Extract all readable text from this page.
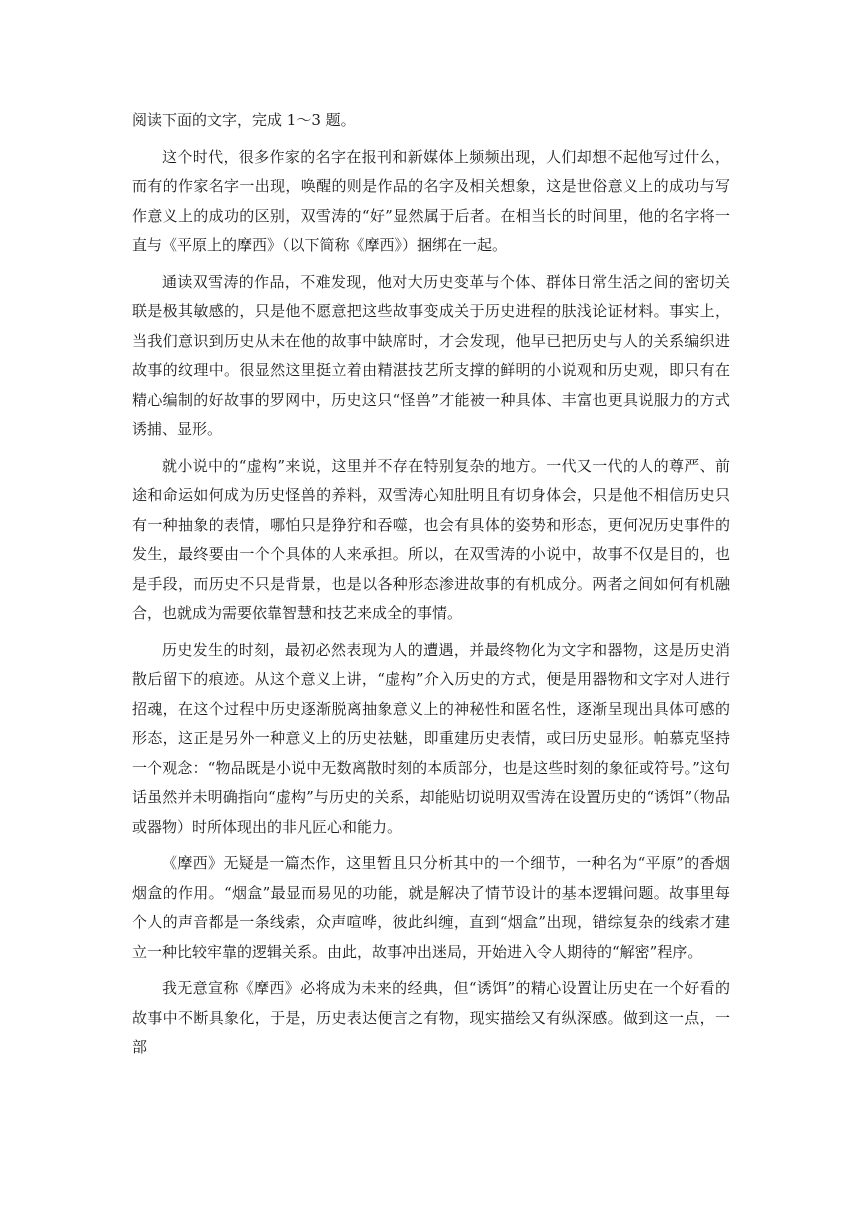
阅读下面的文字，完成 1～3 题。

这个时代，很多作家的名字在报刊和新媒体上频频出现，人们却想不起他写过什么，而有的作家名字一出现，唤醒的则是作品的名字及相关想象，这是世俗意义上的成功与写作意义上的成功的区别，双雪涛的“好”显然属于后者。在相当长的时间里，他的名字将一直与《平原上的摩西》（以下简称《摩西》）捆绑在一起。

通读双雪涛的作品，不难发现，他对大历史变革与个体、群体日常生活之间的密切关联是极其敏感的，只是他不愿意把这些故事变成关于历史进程的肤浅论证材料。事实上，当我们意识到历史从未在他的故事中缺席时，才会发现，他早已把历史与人的关系编织进故事的纹理中。很显然这里挺立着由精湛技艺所支撑的鲜明的小说观和历史观，即只有在精心编制的好故事的罗网中，历史这只“怪兽”才能被一种具体、丰富也更具说服力的方式诱捕、显形。

就小说中的“虚构”来说，这里并不存在特别复杂的地方。一代又一代的人的尊严、前途和命运如何成为历史怪兽的养料，双雪涛心知肚明且有切身体会，只是他不相信历史只有一种抽象的表情，哪怕只是狰狞和吞噬，也会有具体的姿势和形态，更何况历史事件的发生，最终要由一个个具体的人来承担。所以，在双雪涛的小说中，故事不仅是目的，也是手段，而历史不只是背景，也是以各种形态渗进故事的有机成分。两者之间如何有机融合，也就成为需要依靠智慧和技艺来成全的事情。

历史发生的时刻，最初必然表现为人的遭遇，并最终物化为文字和器物，这是历史消散后留下的痕迹。从这个意义上讲，“虚构”介入历史的方式，便是用器物和文字对人进行招魂，在这个过程中历史逐渐脱离抽象意义上的神秘性和匿名性，逐渐呈现出具体可感的形态，这正是另外一种意义上的历史祛魅，即重建历史表情，或曰历史显形。帕慕克坚持一个观念：“物品既是小说中无数离散时刻的本质部分，也是这些时刻的象征或符号。”这句话虽然并未明确指向“虚构”与历史的关系，却能贴切说明双雪涛在设置历史的“诱饵”（物品或器物）时所体现出的非凡匠心和能力。

《摩西》无疑是一篇杰作，这里暂且只分析其中的一个细节，一种名为“平原”的香烟烟盒的作用。“烟盒”最显而易见的功能，就是解决了情节设计的基本逻辑问题。故事里每个人的声音都是一条线索，众声喧哗，彼此纠缠，直到“烟盒”出现，错综复杂的线索才建立一种比较牢靠的逻辑关系。由此，故事冲出迷局，开始进入令人期待的“解密”程序。

我无意宣称《摩西》必将成为未来的经典，但“诱饵”的精心设置让历史在一个好看的故事中不断具象化，于是，历史表达便言之有物，现实描绘又有纵深感。做到这一点，一部
